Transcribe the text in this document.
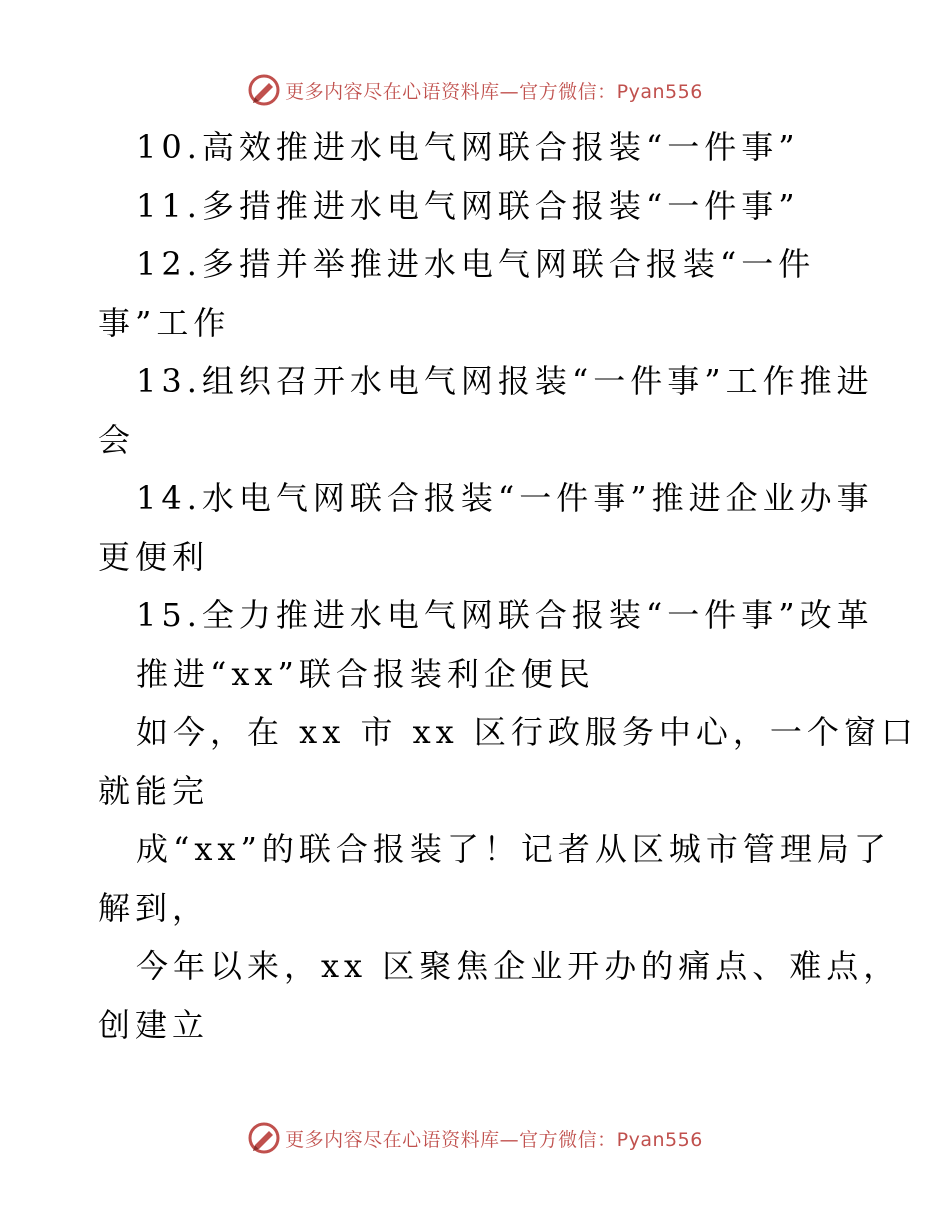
更多内容尽在心语资料库—官方微信：Pyan556
10.高效推进水电气网联合报装“一件事”
11.多措推进水电气网联合报装“一件事”
12.多措并举推进水电气网联合报装“一件
事”工作
13.组织召开水电气网报装“一件事”工作推进
会
14.水电气网联合报装“一件事”推进企业办事
更便利
15.全力推进水电气网联合报装“一件事”改革
推进“xx”联合报装利企便民
如今，在 xx 市 xx 区行政服务中心，一个窗口
就能完
成“xx”的联合报装了！记者从区城市管理局了
解到，
今年以来，xx 区聚焦企业开办的痛点、难点，
创建立
更多内容尽在心语资料库—官方微信：Pyan556
